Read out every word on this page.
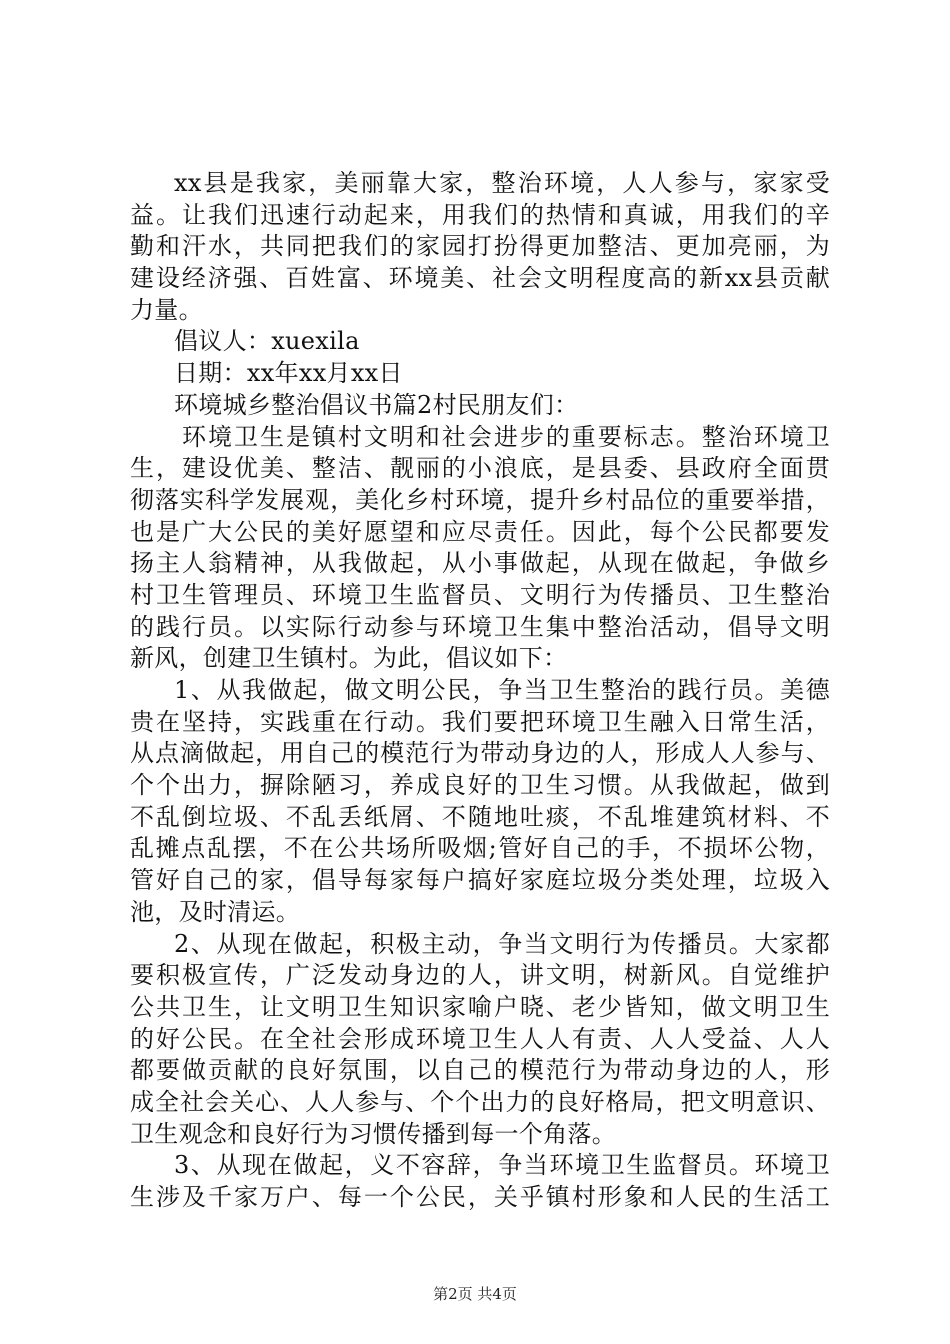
xx县是我家，美丽靠大家，整治环境，人人参与，家家受
益。让我们迅速行动起来，用我们的热情和真诚，用我们的辛
勤和汗水，共同把我们的家园打扮得更加整洁、更加亮丽，为
建设经济强、百姓富、环境美、社会文明程度高的新xx县贡献
力量。
倡议人：xuexila
日期：xx年xx月xx日
环境城乡整治倡议书篇2村民朋友们：
环境卫生是镇村文明和社会进步的重要标志。整治环境卫
生，建设优美、整洁、靓丽的小浪底，是县委、县政府全面贯
彻落实科学发展观，美化乡村环境，提升乡村品位的重要举措，
也是广大公民的美好愿望和应尽责任。因此，每个公民都要发
扬主人翁精神，从我做起，从小事做起，从现在做起，争做乡
村卫生管理员、环境卫生监督员、文明行为传播员、卫生整治
的践行员。以实际行动参与环境卫生集中整治活动，倡导文明
新风，创建卫生镇村。为此，倡议如下：
1、从我做起，做文明公民，争当卫生整治的践行员。美德
贵在坚持，实践重在行动。我们要把环境卫生融入日常生活，
从点滴做起，用自己的模范行为带动身边的人，形成人人参与、
个个出力，摒除陋习，养成良好的卫生习惯。从我做起，做到
不乱倒垃圾、不乱丢纸屑、不随地吐痰，不乱堆建筑材料、不
乱摊点乱摆，不在公共场所吸烟;管好自己的手，不损坏公物，
管好自己的家，倡导每家每户搞好家庭垃圾分类处理，垃圾入
池，及时清运。
2、从现在做起，积极主动，争当文明行为传播员。大家都
要积极宣传，广泛发动身边的人，讲文明，树新风。自觉维护
公共卫生，让文明卫生知识家喻户晓、老少皆知，做文明卫生
的好公民。在全社会形成环境卫生人人有责、人人受益、人人
都要做贡献的良好氛围，以自己的模范行为带动身边的人，形
成全社会关心、人人参与、个个出力的良好格局，把文明意识、
卫生观念和良好行为习惯传播到每一个角落。
3、从现在做起，义不容辞，争当环境卫生监督员。环境卫
生涉及千家万户、每一个公民，关乎镇村形象和人民的生活工
第2页 共4页
